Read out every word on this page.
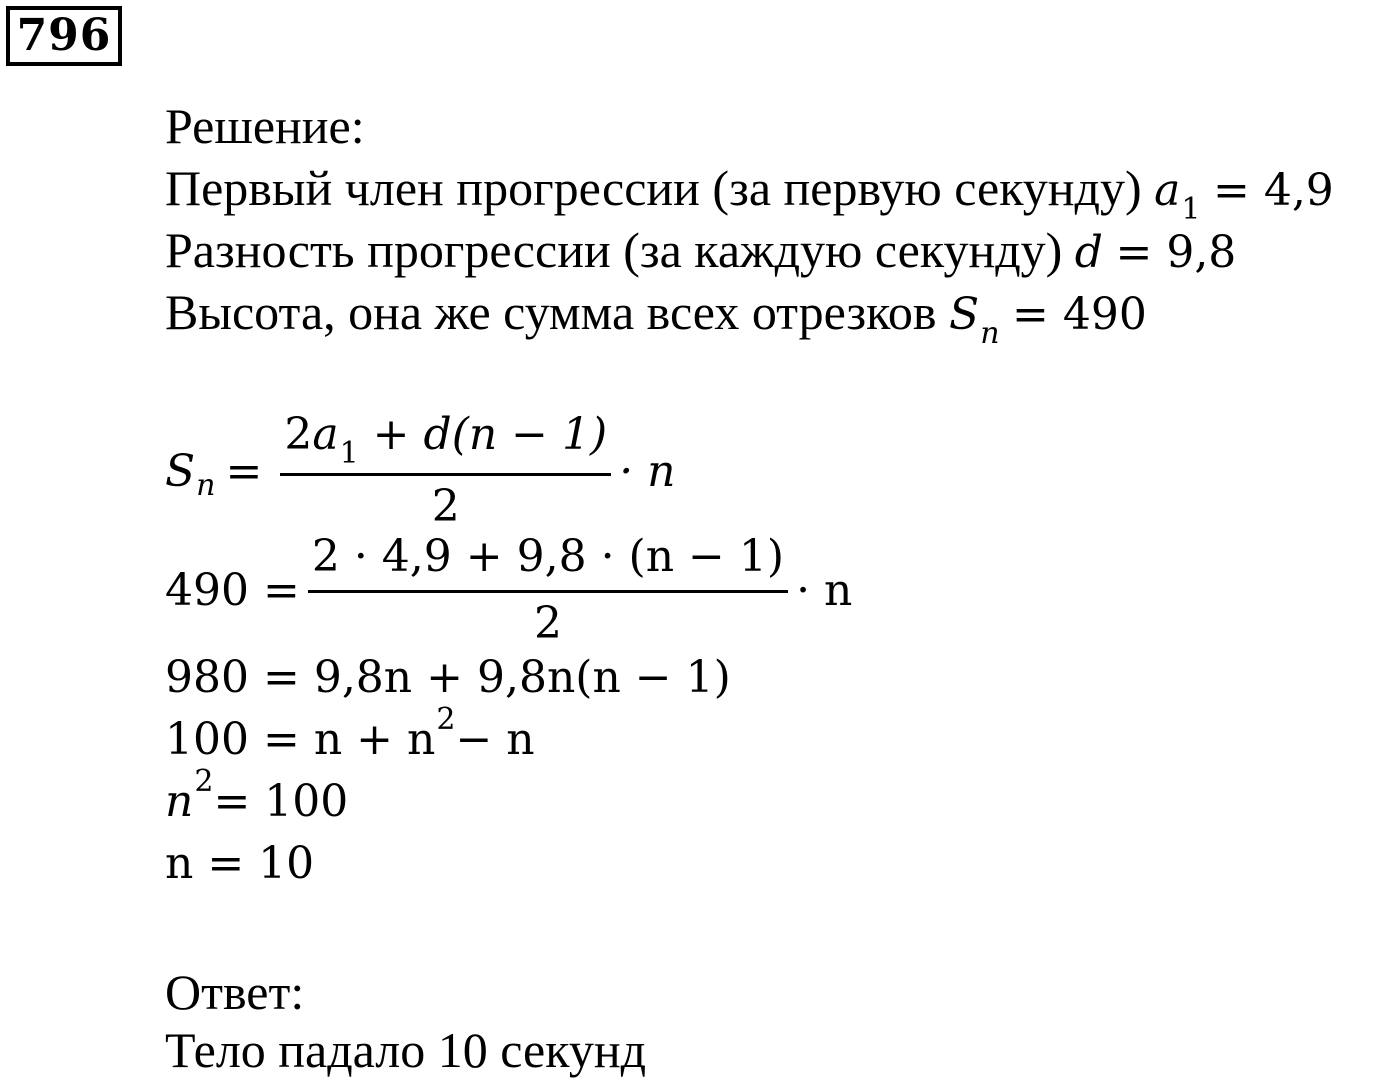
796
Решение:
Первый член прогрессии (за первую секунду) $a_1 = 4,9$
Разность прогрессии (за каждую секунду) d = 9,8
Высота, она же сумма всех отрезков $S_n = 490$
S $n = \frac{2a_1 + d(n - 1)}{2} \cdot n$
$490 = \frac{2 \cdot 4,9 + 9,8 \cdot (n - 1)}{2} \cdot n$
980 = 9,8n + 9,8n(n − 1)
100 = n + n 2 − n
n 2 = 100
n = 10
Ответ:
Тело падало 10 секунд
